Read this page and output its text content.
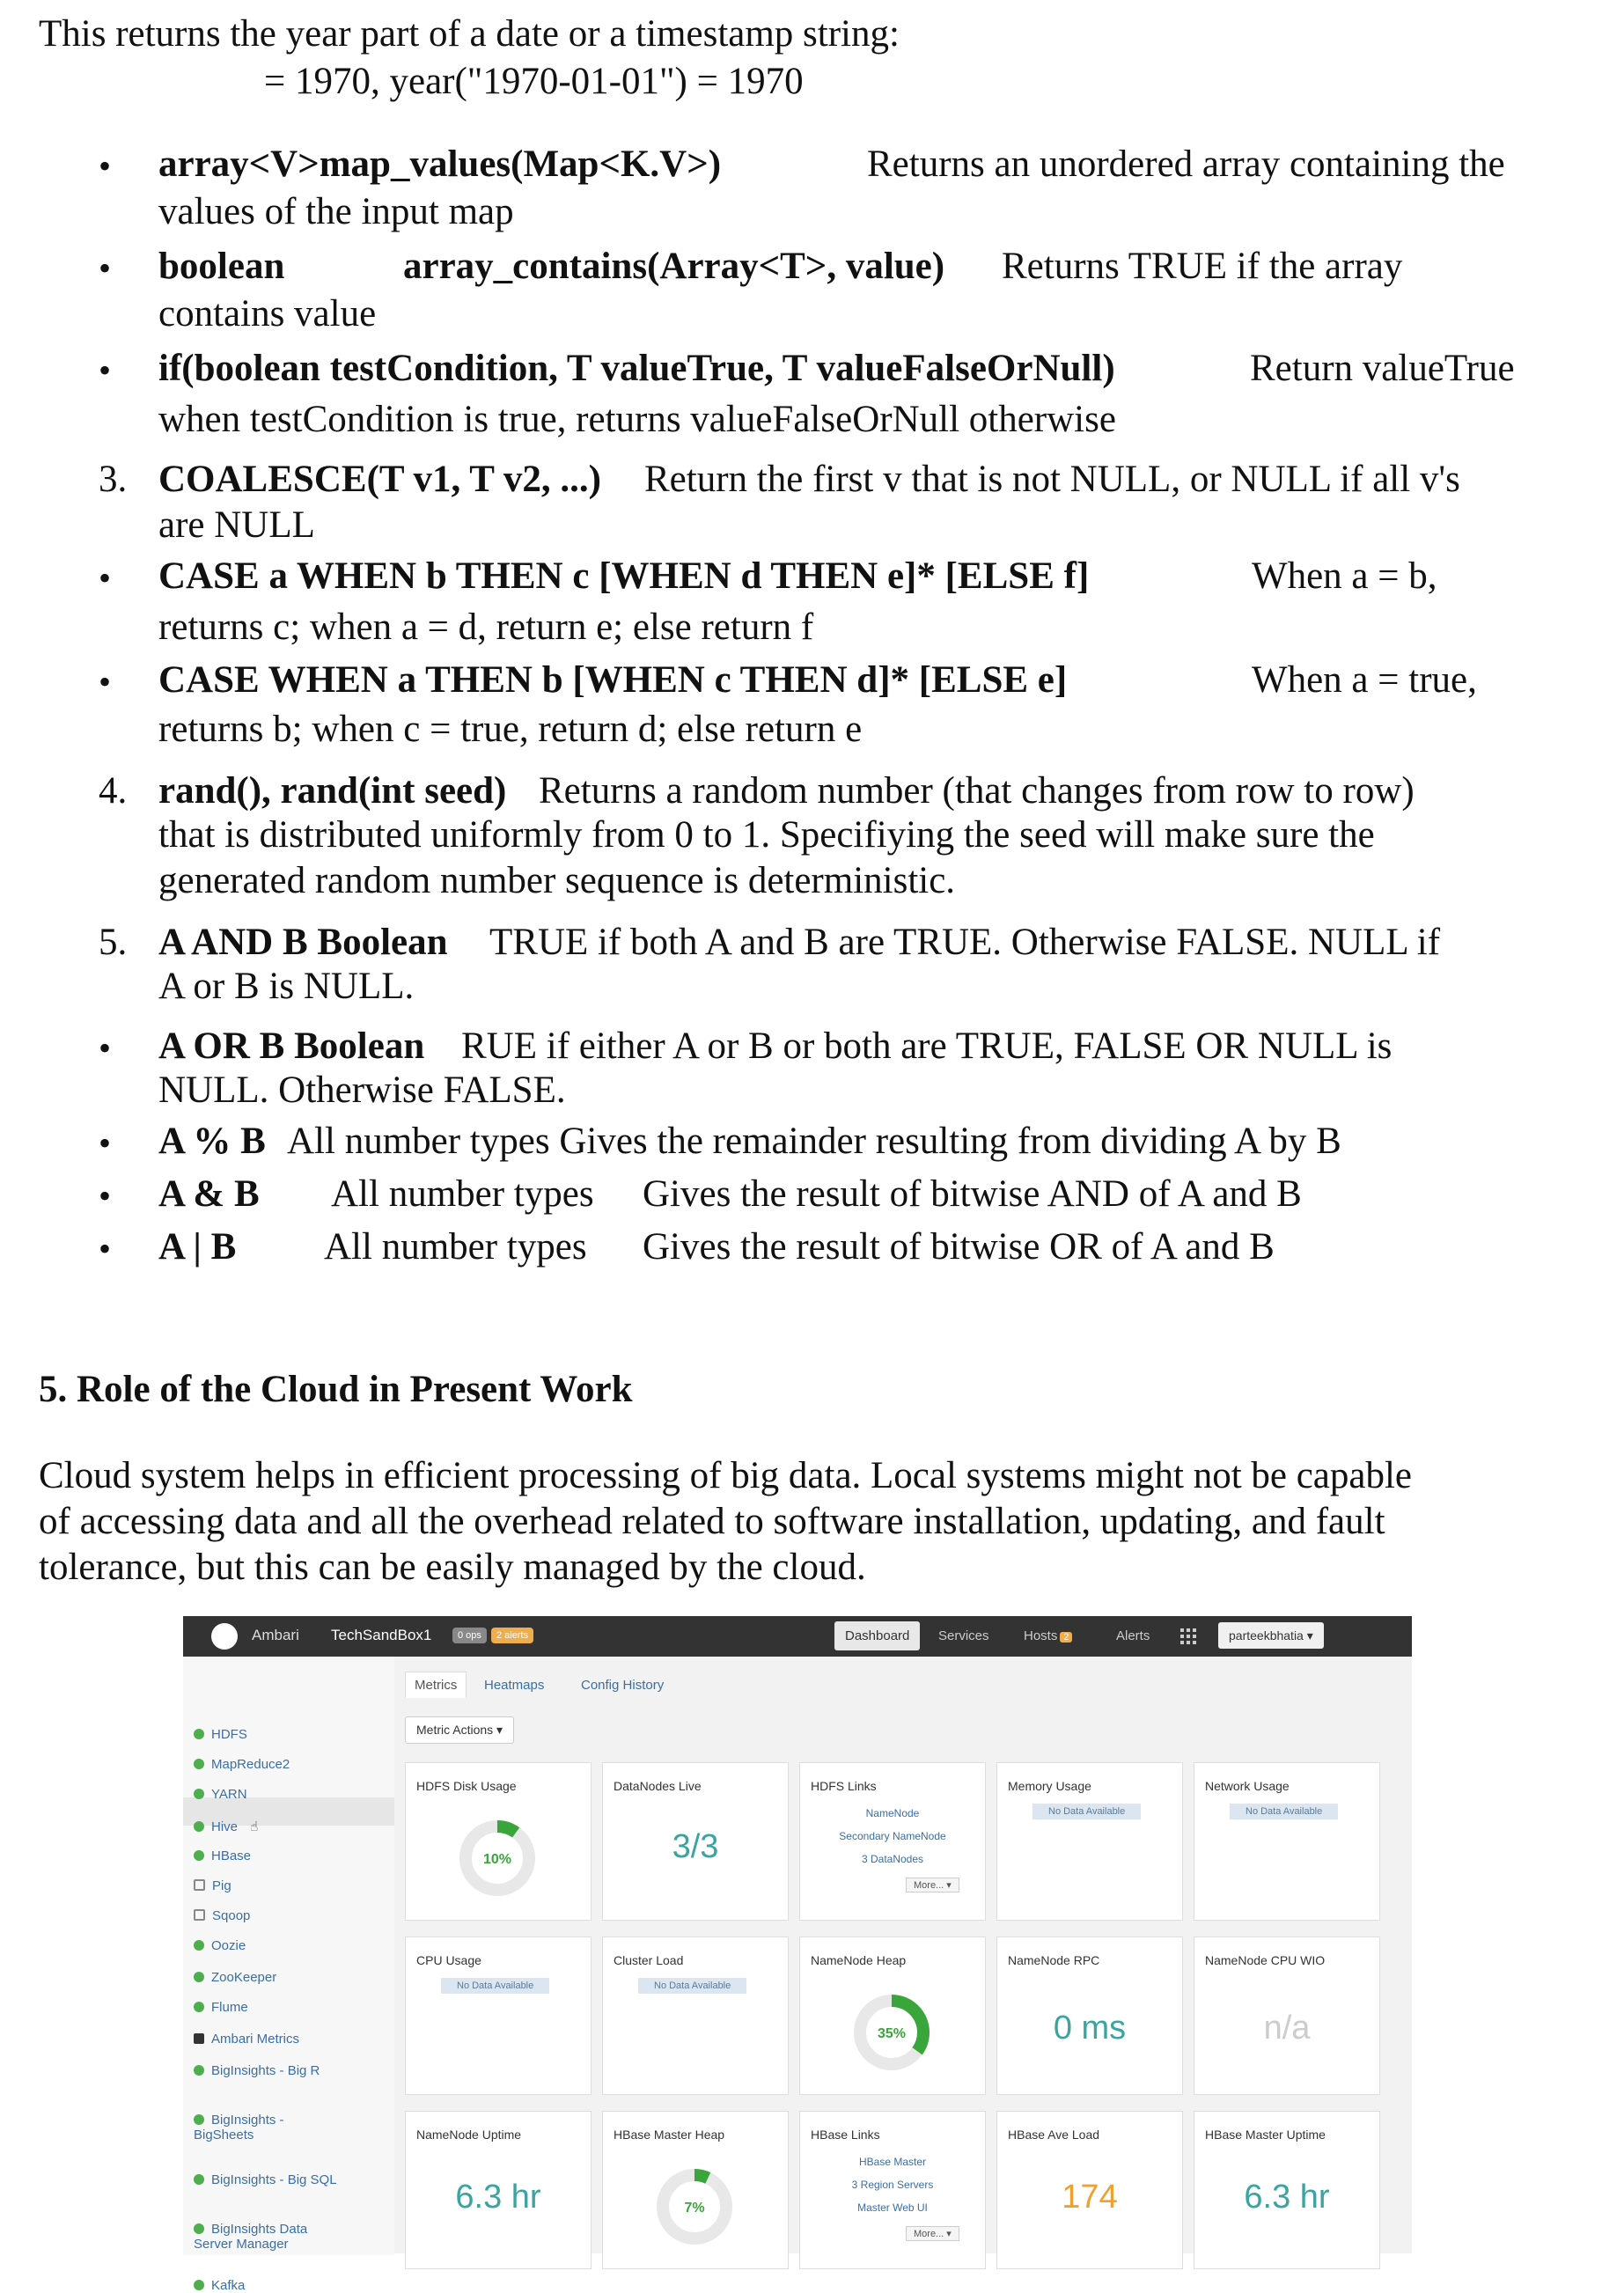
This returns the year part of a date or a timestamp string:
= 1970, year("1970-01-01") = 1970
• array<V>map_values(Map<K.V>)	Returns an unordered array containing the
values of the input map
• boolean	array_contains(Array<T>, value) Returns TRUE if the array
contains value
• if(boolean testCondition, T valueTrue, T valueFalseOrNull)	Return valueTrue
when testCondition is true, returns valueFalseOrNull otherwise
3. COALESCE(T v1, T v2, ...) Return the first v that is not NULL, or NULL if all v's
are NULL
• CASE a WHEN b THEN c [WHEN d THEN e]* [ELSE f]	When a = b,
returns c; when a = d, return e; else return f
• CASE WHEN a THEN b [WHEN c THEN d]* [ELSE e]	When a = true,
returns b; when c = true, return d; else return e
4. rand(), rand(int seed) Returns a random number (that changes from row to row)
that is distributed uniformly from 0 to 1. Specifiying the seed will make sure the
generated random number sequence is deterministic.
5. A AND B Boolean TRUE if both A and B are TRUE. Otherwise FALSE. NULL if
A or B is NULL.
• A OR B Boolean RUE if either A or B or both are TRUE, FALSE OR NULL is
NULL. Otherwise FALSE.
• A % B All number types Gives the remainder resulting from dividing A by B
• A & B All number types Gives the result of bitwise AND of A and B
• A | B All number types Gives the result of bitwise OR of A and B
5. Role of the Cloud in Present Work
Cloud system helps in efficient processing of big data. Local systems might not be capable
of accessing data and all the overhead related to software installation, updating, and fault
tolerance, but this can be easily managed by the cloud.
Ambari TechSandBox1	0 ops	2 alerts	Dashboard	Services	Hosts 2	Alerts	parteekbhatia ▾
HDFS
MapReduce2
YARN
Hive ☝
HBase
Pig
Sqoop
Oozie
ZooKeeper
Flume
Ambari Metrics
BigInsights - Big R
BigInsights -
BigSheets
BigInsights - Big SQL
BigInsights Data
Server Manager
Kafka
Metrics	Heatmaps	Config History
Metric Actions ▾
HDFS Disk Usage
10%
DataNodes Live
3/3
HDFS Links
NameNode
Secondary NameNode
3 DataNodes
More... ▾
Memory Usage
No Data Available
Network Usage
No Data Available
CPU Usage
No Data Available
Cluster Load
No Data Available
NameNode Heap
35%
NameNode RPC
0 ms
NameNode CPU WIO
n/a
NameNode Uptime
6.3 hr
HBase Master Heap
7%
HBase Links
HBase Master
3 Region Servers
Master Web UI
More... ▾
HBase Ave Load
174
HBase Master Uptime
6.3 hr
